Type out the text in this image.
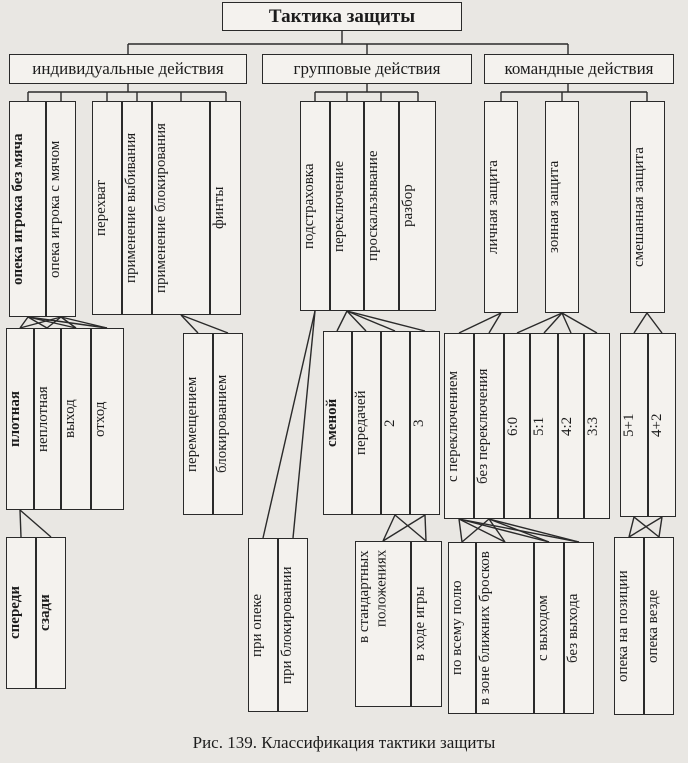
Тактика защиты
индивидуальные действия	групповые действия	командные действия
опека игрока без мяча	опека игрока с мячом	перехват применение выбивания применение блокирования	финты
плотная неплотная выход отход
спереди сзади
перемещением блокированием
подстраховка переключение	проскальзывание	разбор
при опеке при блокировании
сменой передачей 2 3
в стандартных положениях	в ходе игры
личная защита	зонная защита	смешанная защита
с переключением без переключения 6:0 5:1 4:2 3:3	5+1 4+2
по всему полю в зоне ближних бросков	с выходом без выхода	опека на позиции опека везде
Рис. 139. Классификация тактики защиты
